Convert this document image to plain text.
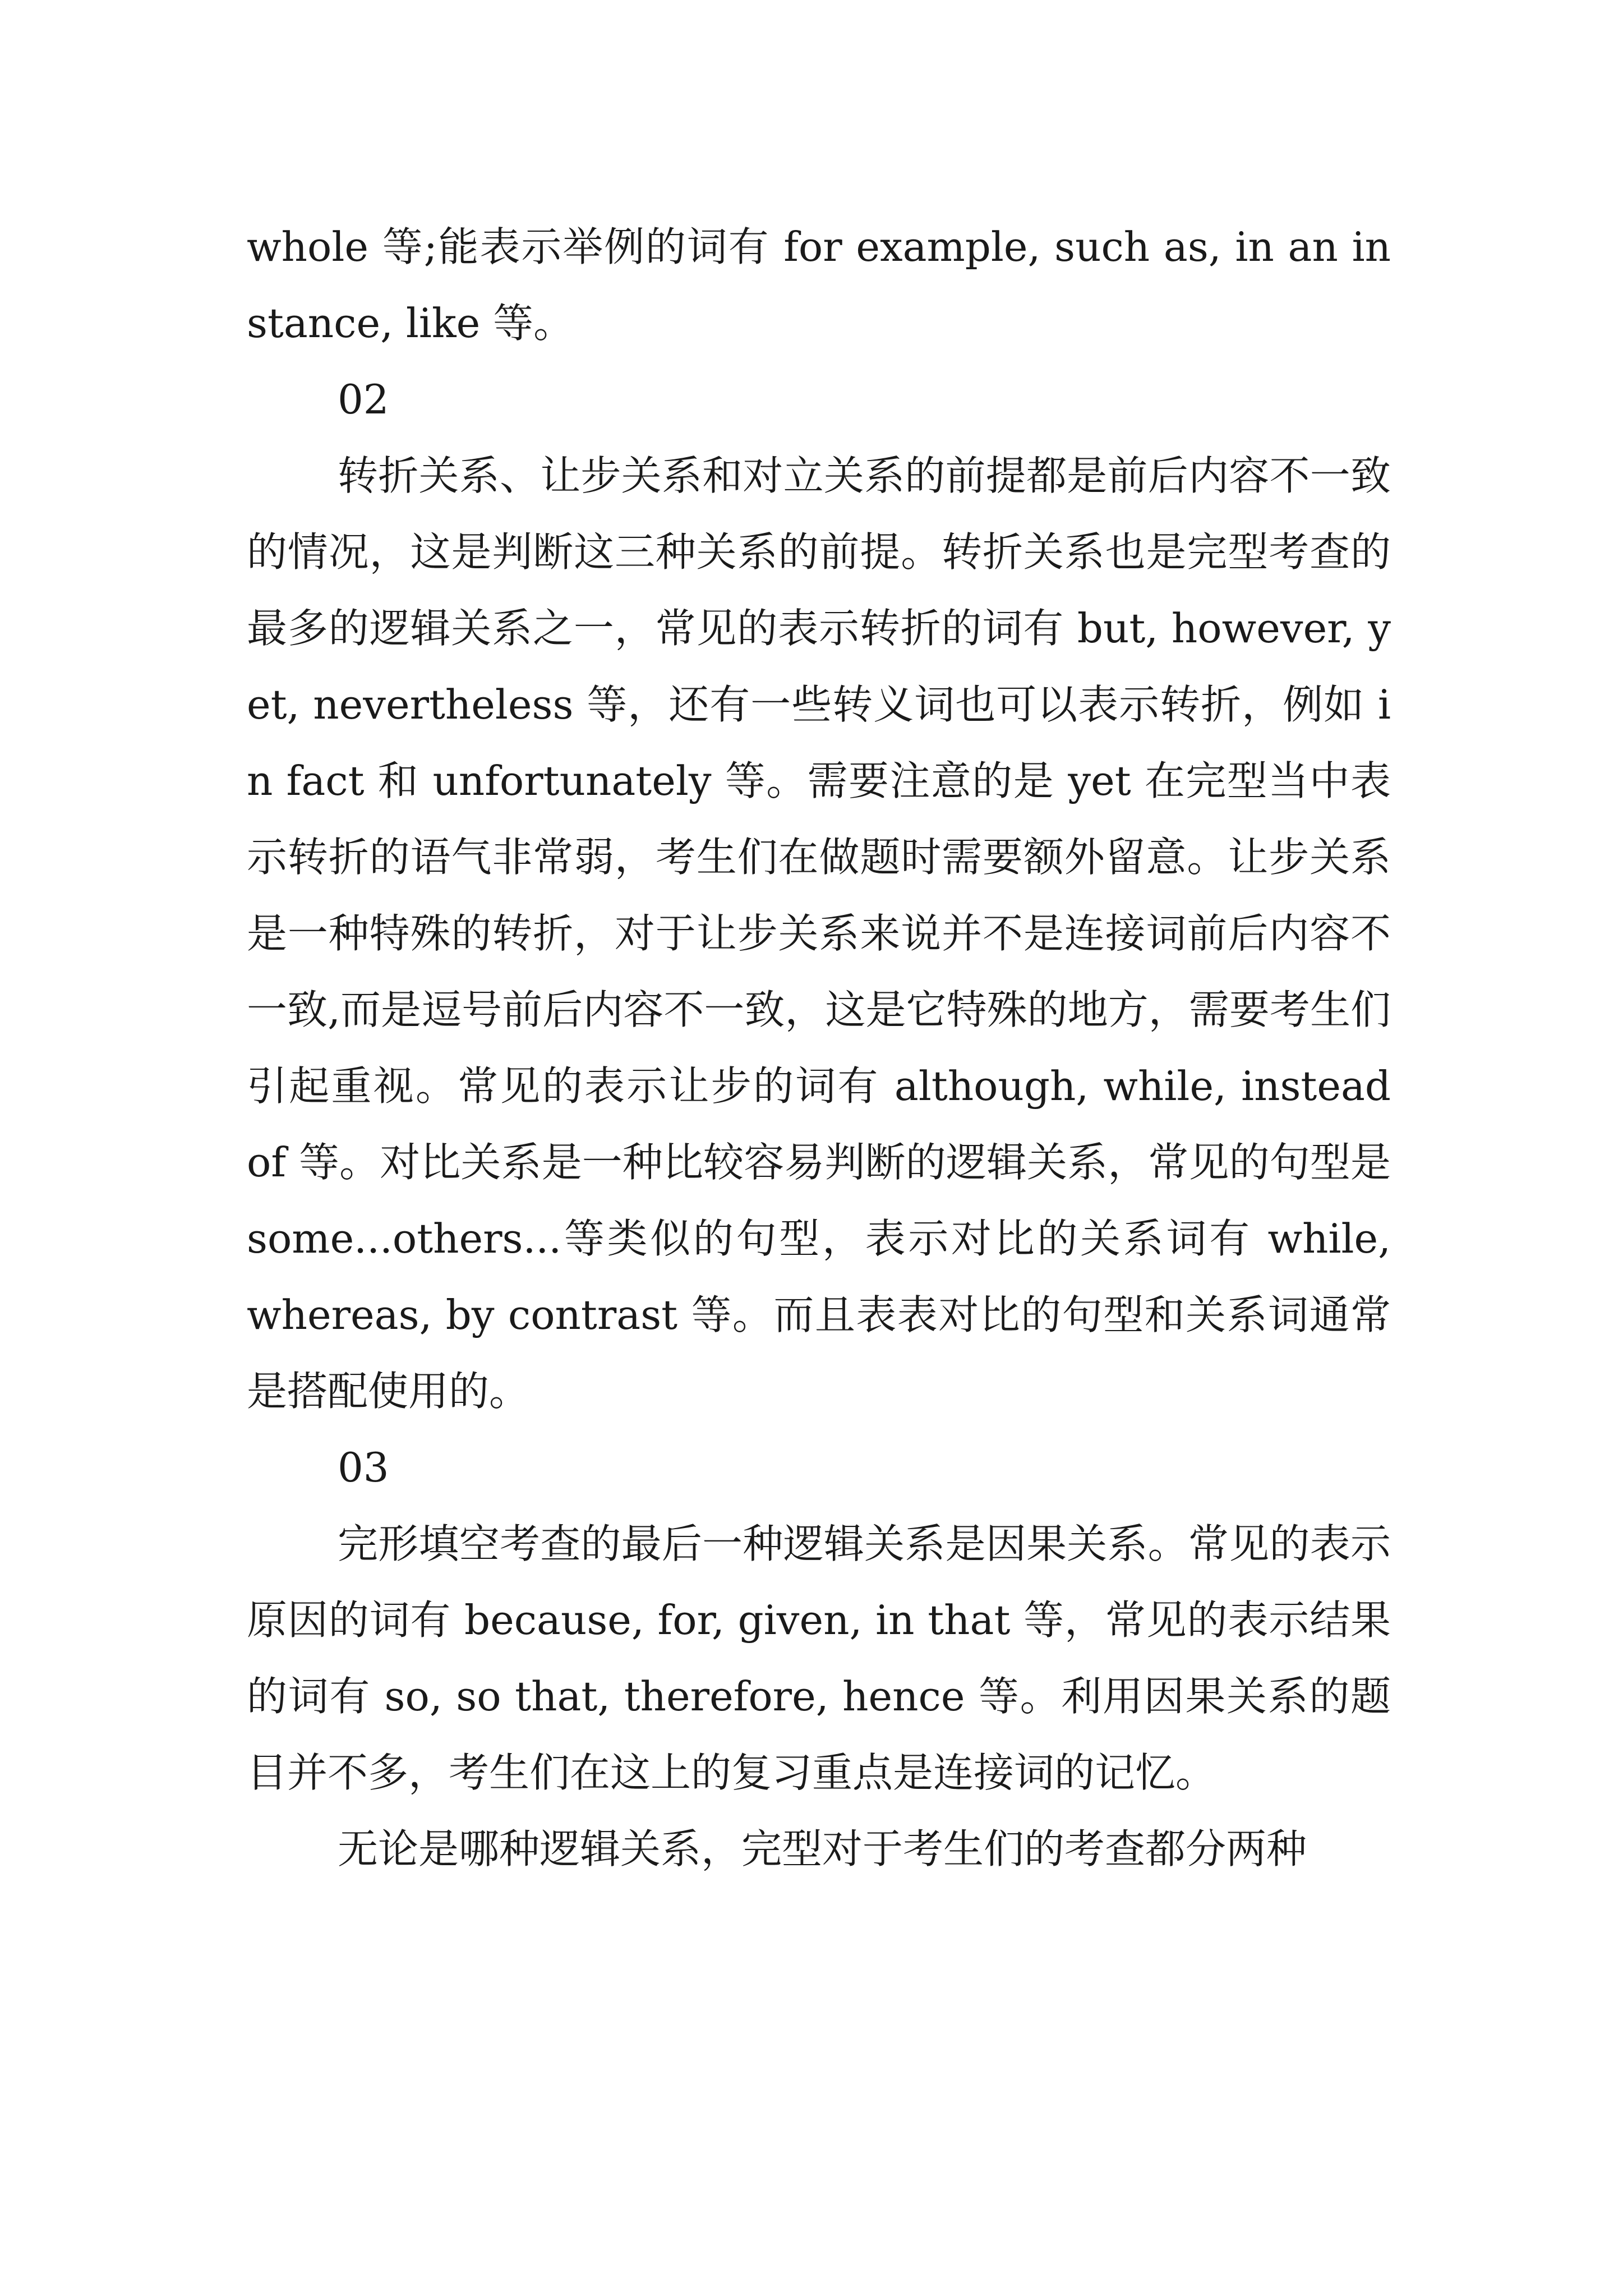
whole 等;能表示举例的词有 for example, such as, in an instance, like 等。

02

转折关系、让步关系和对立关系的前提都是前后内容不一致的情况，这是判断这三种关系的前提。转折关系也是完型考查的最多的逻辑关系之一，常见的表示转折的词有 but, however, yet, nevertheless 等，还有一些转义词也可以表示转折，例如 in fact 和 unfortunately 等。需要注意的是 yet 在完型当中表示转折的语气非常弱，考生们在做题时需要额外留意。让步关系是一种特殊的转折，对于让步关系来说并不是连接词前后内容不一致,而是逗号前后内容不一致，这是它特殊的地方，需要考生们引起重视。常见的表示让步的词有 although, while, instead of 等。对比关系是一种比较容易判断的逻辑关系，常见的句型是 some...others...等类似的句型，表示对比的关系词有 while, whereas, by contrast 等。而且表表对比的句型和关系词通常是搭配使用的。

03

完形填空考查的最后一种逻辑关系是因果关系。常见的表示原因的词有 because, for, given, in that 等，常见的表示结果的词有 so, so that, therefore, hence 等。利用因果关系的题目并不多，考生们在这上的复习重点是连接词的记忆。

无论是哪种逻辑关系，完型对于考生们的考查都分两种
